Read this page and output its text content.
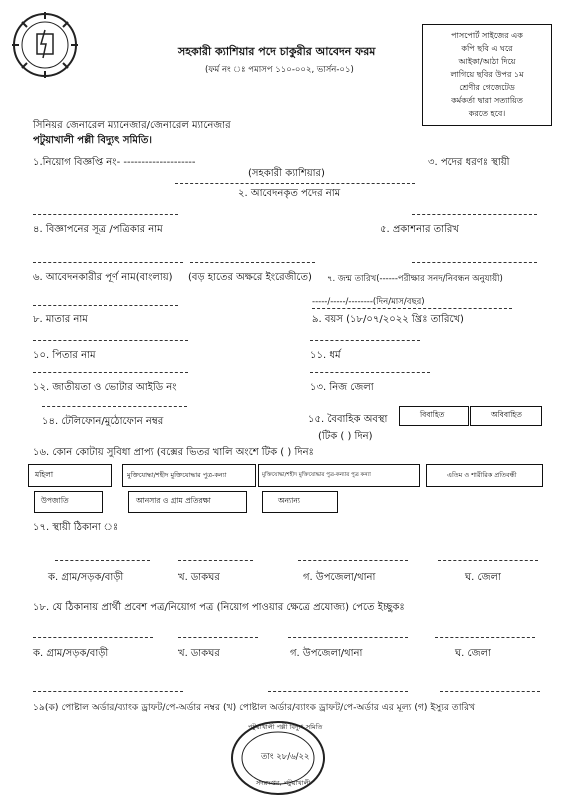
সহকারী ক্যাশিয়ার পদে চাকুরীর আবেদন ফরম
(ফর্ম নং ঃ পমাসপ ১১০-০০২, ভার্সন-০১)
পাসপোর্ট সাইজের এক
কপি ছবি এ ঘরে
আইকা/আঠা দিয়ে
লাগিয়ে ছবির উপর ১ম
শ্রেণীর গেজেটেড
কর্মকর্তা দ্বারা সত্যায়িত
করতে হবে।
সিনিয়র জেনারেল ম্যানেজার/জেনারেল ম্যানেজার
পটুয়াখালী পল্লী বিদ্যুৎ সমিতি।
১.নিয়োগ বিজ্ঞপ্তি নং- --------------------	৩. পদের ধরণঃ স্থায়ী
(সহকারী ক্যাশিয়ার)
২. আবেদনকৃত পদের নাম
৪. বিজ্ঞাপনের সূত্র /পত্রিকার নাম	৫. প্রকাশনার তারিখ
৬. আবেদনকারীর পূর্ণ নাম(বাংলায়) (বড় হাতের অক্ষরে ইংরেজীতে) ৭. জন্ম তারিখ(------পরীক্ষার সনদ/নিবন্ধন অনুযায়ী)
-----/-----/--------(দিন/মাস/বছর)
৮. মাতার নাম	৯. বয়স (১৮/০৭/২০২২ খ্রিঃ তারিখে)
১০. পিতার নাম	১১. ধর্ম
১২. জাতীয়তা ও ভোটার আইডি নং	১৩. নিজ জেলা
১৪. টেলিফোন/মুঠোফোন নম্বর	১৫. বৈবাহিক অবস্থা
(টিক ( ) দিন)
বিবাহিত	অবিবাহিত
১৬. কোন কোটায় সুবিধা প্রাপ্য (বক্সের ভিতর খালি অংশে টিক ( ) দিনঃ
মহিলা	মুক্তিযোদ্ধা/শহীদ মুক্তিযোদ্ধার পুত্র-কন্যা	মুক্তিযোদ্ধা/শহীদ মুক্তিযোদ্ধার পুত্র-কন্যার পুত্র কন্যা	এতিম ও শারীরিক প্রতিবন্ধী
উপজাতি	আনসার ও গ্রাম প্রতিরক্ষা	অন্যান্য
১৭. স্থায়ী ঠিকানা ঃ
ক. গ্রাম/সড়ক/বাড়ী	খ. ডাকঘর	গ. উপজেলা/থানা	ঘ. জেলা
১৮. যে ঠিকানায় প্রার্থী প্রবেশ পত্র/নিয়োগ পত্র (নিয়োগ পাওয়ার ক্ষেত্রে প্রযোজ্য) পেতে ইচ্ছুকঃ
ক. গ্রাম/সড়ক/বাড়ী	খ. ডাকঘর	গ. উপজেলা/থানা	ঘ. জেলা
১৯(ক) পোষ্টাল অর্ডার/ব্যাংক ড্রাফট/পে-অর্ডার নম্বর (খ) পোষ্টাল অর্ডার/ব্যাংক ড্রাফট/পে-অর্ডার এর মূল্য (গ) ইস্যুর তারিখ
পটুয়াখালী পল্লী বিদ্যুৎ সমিতি
তাং ২৮/৬/২২
সদরদপ্তর, পটুয়াখালী
